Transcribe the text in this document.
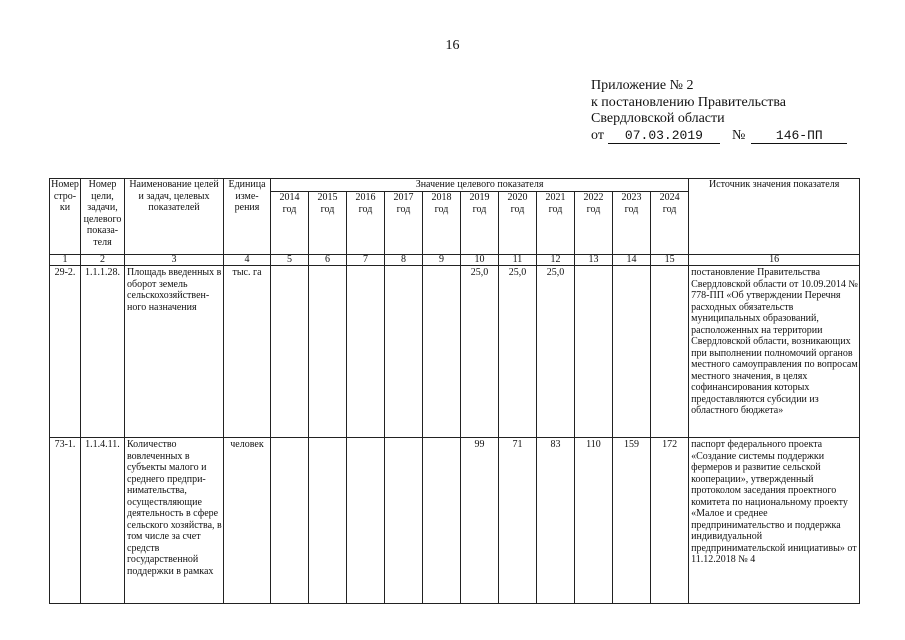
16
Приложение № 2
к постановлению Правительства
Свердловской области
от 07.03.2019 № 146-ПП
Номер стро-ки	Номер цели, задачи, целевого показа-теля	Наименование целей и задач, целевых показателей	Единица изме-рения	Значение целевого показателя											Источник значения показателя
				2014 год	2015 год	2016 год	2017 год	2018 год	2019 год	2020 год	2021 год	2022 год	2023 год	2024 год	
1	2	3	4	5	6	7	8	9	10	11	12	13	14	15	16
29-2.	1.1.1.28.	Площадь введенных в оборот земель сельскохозяйствен-ного назначения	тыс. га						25,0	25,0	25,0				постановление Правительства Свердловской области от 10.09.2014 № 778-ПП «Об утверждении Перечня расходных обязательств муниципальных образований, расположенных на территории Свердловской области, возникающих при выполнении полномочий органов местного самоуправления по вопросам местного значения, в целях софинансирования которых предоставляются субсидии из областного бюджета»
73-1.	1.1.4.11.	Количество вовлеченных в субъекты малого и среднего предпри-нимательства, осуществляющие деятельность в сфере сельского хозяйства, в том числе за счет средств государственной поддержки в рамках	человек						99	71	83	110	159	172	паспорт федерального проекта «Создание системы поддержки фермеров и развитие сельской кооперации», утвержденный протоколом заседания проектного комитета по национальному проекту «Малое и среднее предпринимательство и поддержка индивидуальной предпринимательской инициативы» от 11.12.2018 № 4
